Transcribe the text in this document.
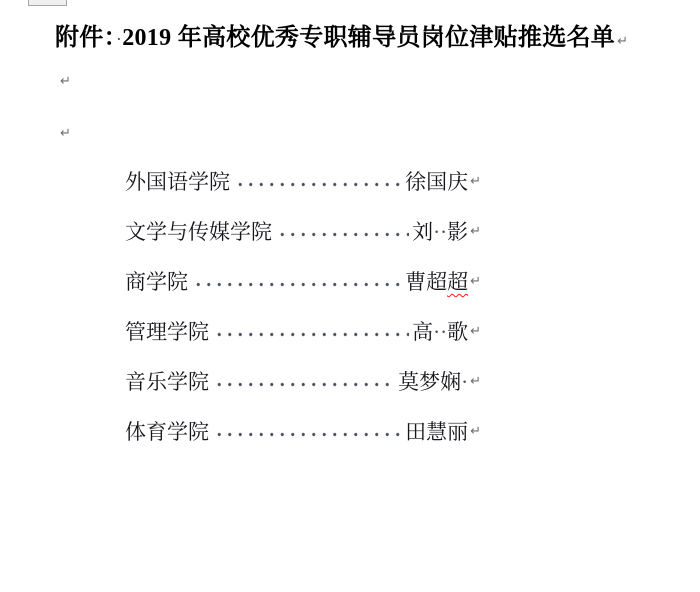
附件：·2019 年高校优秀专职辅导员岗位津贴推选名单 ↵
↵
↵
外国语学院	徐国庆 ↵
文学与传媒学院	刘··影 ↵
商学院	曹超超 ↵
管理学院	高··歌 ↵
音乐学院	莫梦娴· ↵
体育学院	田慧丽 ↵
